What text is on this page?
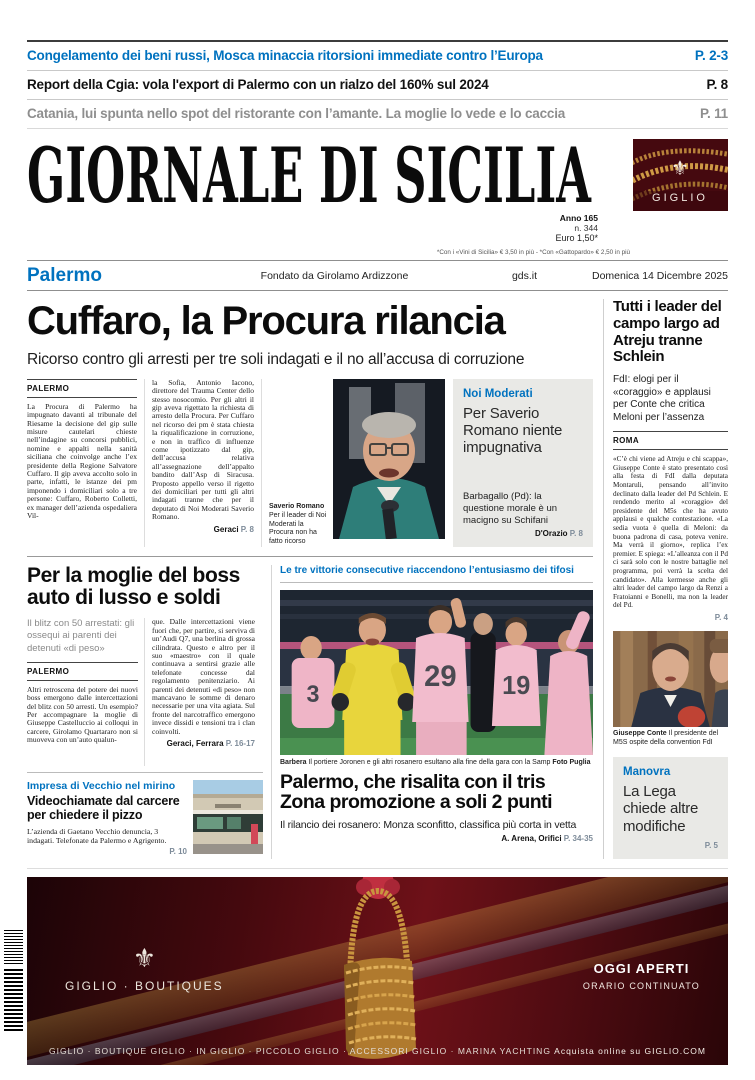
Congelamento dei beni russi, Mosca minaccia ritorsioni immediate contro l’Europa	P. 2-3
Report della Cgia: vola l'export di Palermo con un rialzo del 160% sul 2024	P. 8
Catania, lui spunta nello spot del ristorante con l’amante. La moglie lo vede e lo caccia	P. 11
GIORNALE DI SICILIA	⚜
GIGLIO
Anno 165
n. 344
Euro 1,50*
*Con i «Vini di Sicilia» € 3,50 in più - *Con «Gattopardo» € 2,50 in più
Palermo	Fondato da Girolamo Ardizzone	gds.it	Domenica 14 Dicembre 2025
Cuffaro, la Procura rilancia
Ricorso contro gli arresti per tre soli indagati e il no all’accusa di corruzione
PALERMO
La Procura di Palermo ha impugnato davanti al tribunale del Riesame la decisione del gip sulle misure cautelari chieste nell’indagine su concorsi pubblici, nomine e appalti nella sanità siciliana che coinvolge anche l’ex presidente della Regione Salvatore Cuffaro. Il gip aveva accolto solo in parte, infatti, le istanze dei pm imponendo i domiciliari solo a tre persone: Cuffaro, Roberto Colletti, ex manager dell’azienda ospedaliera Vil-
la Sofia, Antonio Iacono, direttore del Trauma Center dello stesso nosocomio. Per gli altri il gip aveva rigettato la richiesta di arresto della Procura. Per Cuffaro nel ricorso dei pm è stata chiesta la riqualificazione in corruzione, e non in traffico di influenze come ipotizzato dal gip, dell’accusa relativa all’assegnazione dell’appalto bandito dall’Asp di Siracusa. Proposto appello verso il rigetto dei domiciliari per tutti gli altri indagati tranne che per il deputato di Noi Moderati Saverio Romano.
Geraci P. 8
Saverio Romano
Per il leader di Noi Moderati la Procura non ha fatto ricorso
Noi Moderati
Per Saverio Romano niente impugnativa
Barbagallo (Pd): la questione morale è un macigno su Schifani
D'Orazio P. 8
Per la moglie del boss
auto di lusso e soldi
Il blitz con 50 arrestati: gli ossequi ai parenti dei detenuti «di peso»
PALERMO
Altri retroscena del potere dei nuovi boss emergono dalle intercettazioni del blitz con 50 arresti. Un esempio? Per accompagnare la moglie di Giuseppe Castelluccio ai colloqui in carcere, Girolamo Quartararo non si muoveva con un’auto qualun-
que. Dalle intercettazioni viene fuori che, per partire, si serviva di un’Audi Q7, una berlina di grossa cilindrata. Questo e altro per il suo «maestro» con il quale continuava a sentirsi grazie alle telefonate concesse dal regolamento penitenziario. Ai parenti dei detenuti «di peso» non mancavano le somme di denaro necessarie per una vita agiata. Sul fronte del narcotraffico emergono invece dissidi e tensioni tra i clan coinvolti.
Geraci, Ferrara P. 16-17
Impresa di Vecchio nel mirino
Videochiamate dal carcere per chiedere il pizzo
L’azienda di Gaetano Vecchio denuncia, 3 indagati. Telefonate da Palermo e Agrigento.
P. 10
Le tre vittorie consecutive riaccendono l’entusiasmo dei tifosi
3
29 19
Barbera Il portiere Joronen e gli altri rosanero esultano alla fine della gara con la Samp Foto Puglia
Palermo, che risalita con il tris
Zona promozione a soli 2 punti
Il rilancio dei rosanero: Monza sconfitto, classifica più corta in vetta
A. Arena, Orifici P. 34-35
Tutti i leader del campo largo ad Atreju tranne Schlein
FdI: elogi per il «coraggio» e applausi per Conte che critica Meloni per l’assenza
ROMA
«C’è chi viene ad Atreju e chi scappa», Giuseppe Conte è stato presentato così alla festa di FdI dalla deputata Montaruli, pensando all’invito declinato dalla leader del Pd Schlein. E rendendo merito al «coraggio» del presidente del M5s che ha avuto applausi e qualche contestazione. «La sedia vuota è quella di Meloni: da buona padrona di casa, poteva venire. Ma verrà il giorno», replica l’ex premier. E spiega: «L’alleanza con il Pd ci sarà solo con le nostre battaglie nel programma, poi verrà la scelta del candidato». Alla kermesse anche gli altri leader del campo largo da Renzi a Fratoianni e Bonelli, ma non la leader del Pd.
P. 4
Giuseppe Conte Il presidente del M5S ospite della convention FdI
Manovra
La Lega chiede altre modifiche
P. 5
⚜
GIGLIO · BOUTIQUES
OGGI APERTI
ORARIO CONTINUATO
GIGLIO · BOUTIQUE GIGLIO · IN GIGLIO · PICCOLO GIGLIO · ACCESSORI GIGLIO · MARINA YACHTING Acquista online su GIGLIO.COM
